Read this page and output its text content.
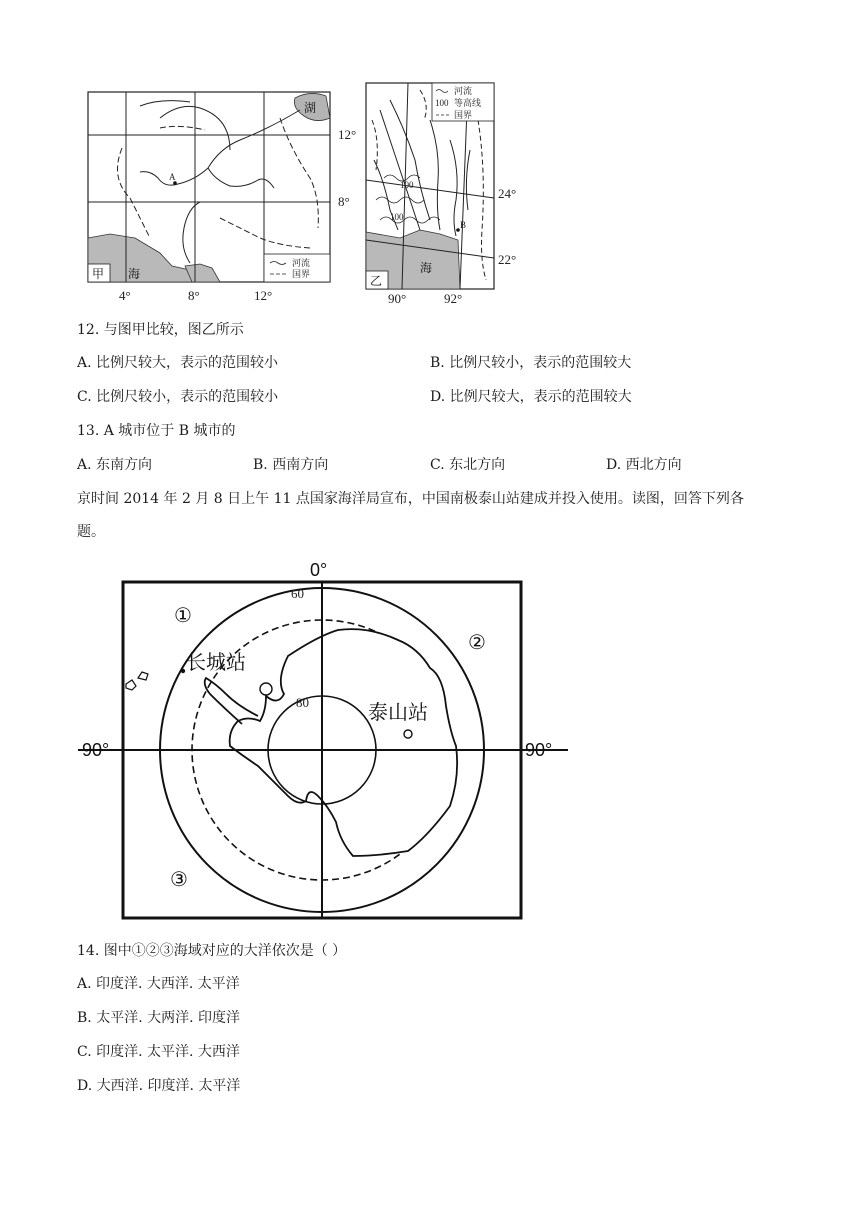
A
湖
海
甲
河流
国界
12°
8°
4°	8°	12°
100
100
B
海
乙
河流
100 等高线
国界
24°
22°
90°	92°
12. 与图甲比较，图乙所示
A. 比例尺较大，表示的范围较小	B. 比例尺较小，表示的范围较大
C. 比例尺较小，表示的范围较小	D. 比例尺较大，表示的范围较大
13. A 城市位于 B 城市的
A. 东南方向	B. 西南方向	C. 东北方向	D. 西北方向
京时间 2014 年 2 月 8 日上午 11 点国家海洋局宣布，中国南极泰山站建成并投入使用。读图，回答下列各
题。
0°
90°	90°
60
80
①
②
③
长城站
泰山站
14. 图中①②③海域对应的大洋依次是（ ）
A. 印度洋. 大西洋. 太平洋
B. 太平洋. 大两洋. 印度洋
C. 印度洋. 太平洋. 大西洋
D. 大西洋. 印度洋. 太平洋
